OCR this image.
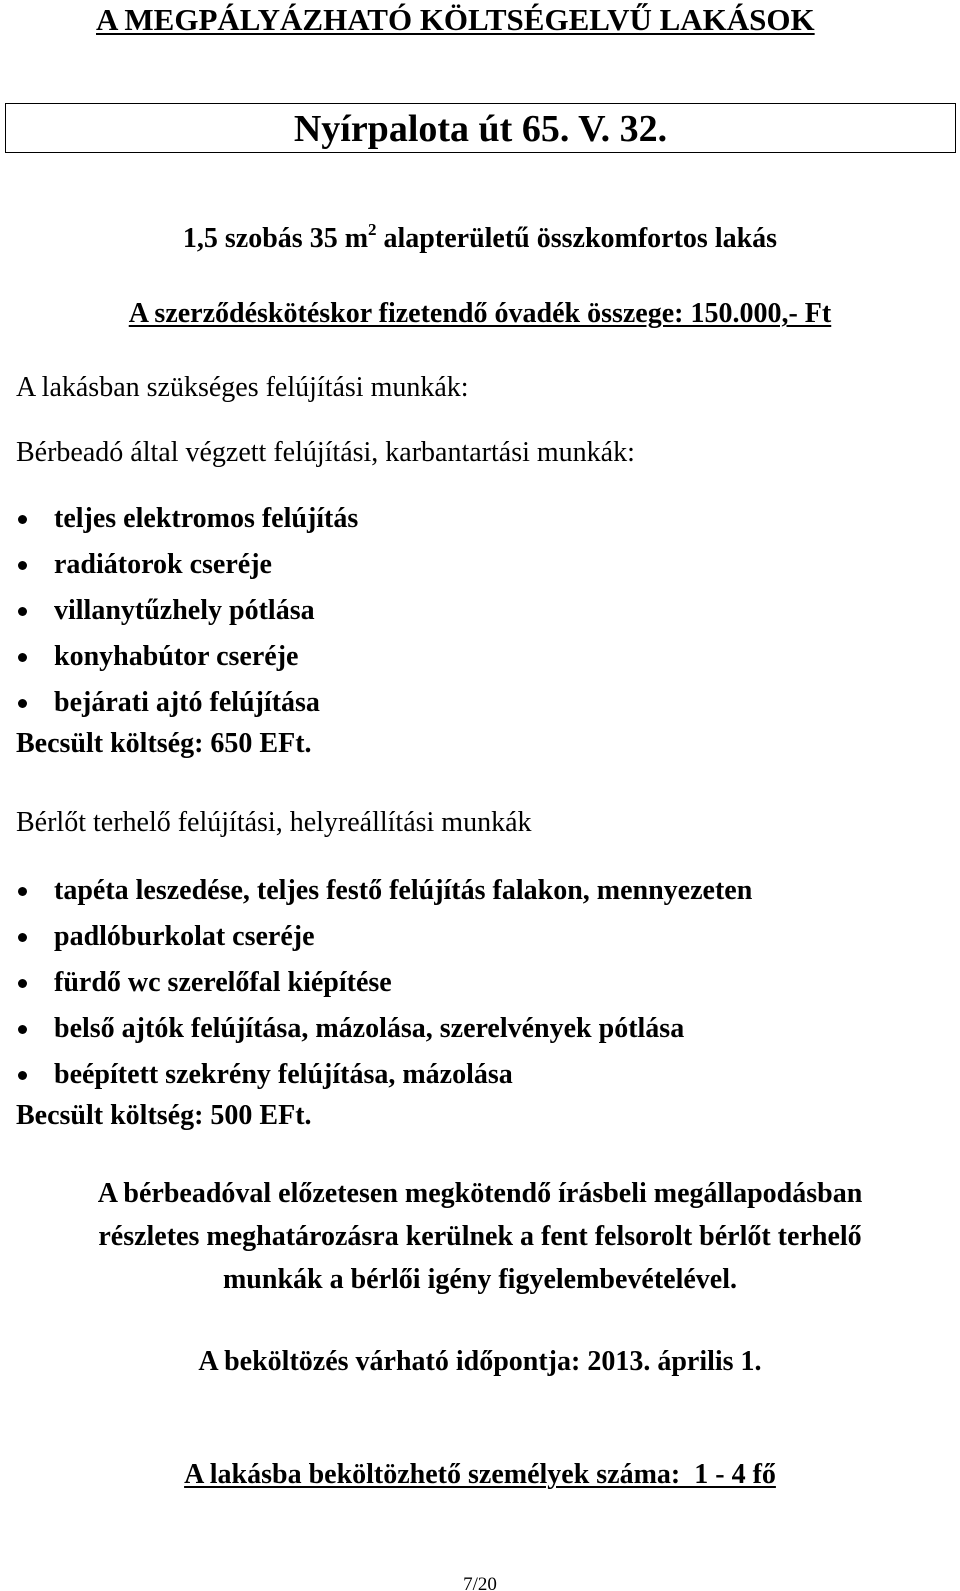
A MEGPÁLYÁZHATÓ KÖLTSÉGELVŰ LAKÁSOK
Nyírpalota út 65. V. 32.
1,5 szobás 35 $m^2$ alapterületű összkomfortos lakás
A szerződéskötéskor fizetendő óvadék összege: 150.000,- Ft
A lakásban szükséges felújítási munkák:
Bérbeadó által végzett felújítási, karbantartási munkák:
teljes elektromos felújítás
radiátorok cseréje
villanytűzhely pótlása
konyhabútor cseréje
bejárati ajtó felújítása
Becsült költség: 650 EFt.
Bérlőt terhelő felújítási, helyreállítási munkák
tapéta leszedése, teljes festő felújítás falakon, mennyezeten
padlóburkolat cseréje
fürdő wc szerelőfal kiépítése
belső ajtók felújítása, mázolása, szerelvények pótlása
beépített szekrény felújítása, mázolása
Becsült költség: 500 EFt.
A bérbeadóval előzetesen megkötendő írásbeli megállapodásban
részletes meghatározásra kerülnek a fent felsorolt bérlőt terhelő
munkák a bérlői igény figyelembevételével.
A beköltözés várható időpontja: 2013. április 1.
A lakásba beköltözhető személyek száma:  1 - 4 fő
7/20
